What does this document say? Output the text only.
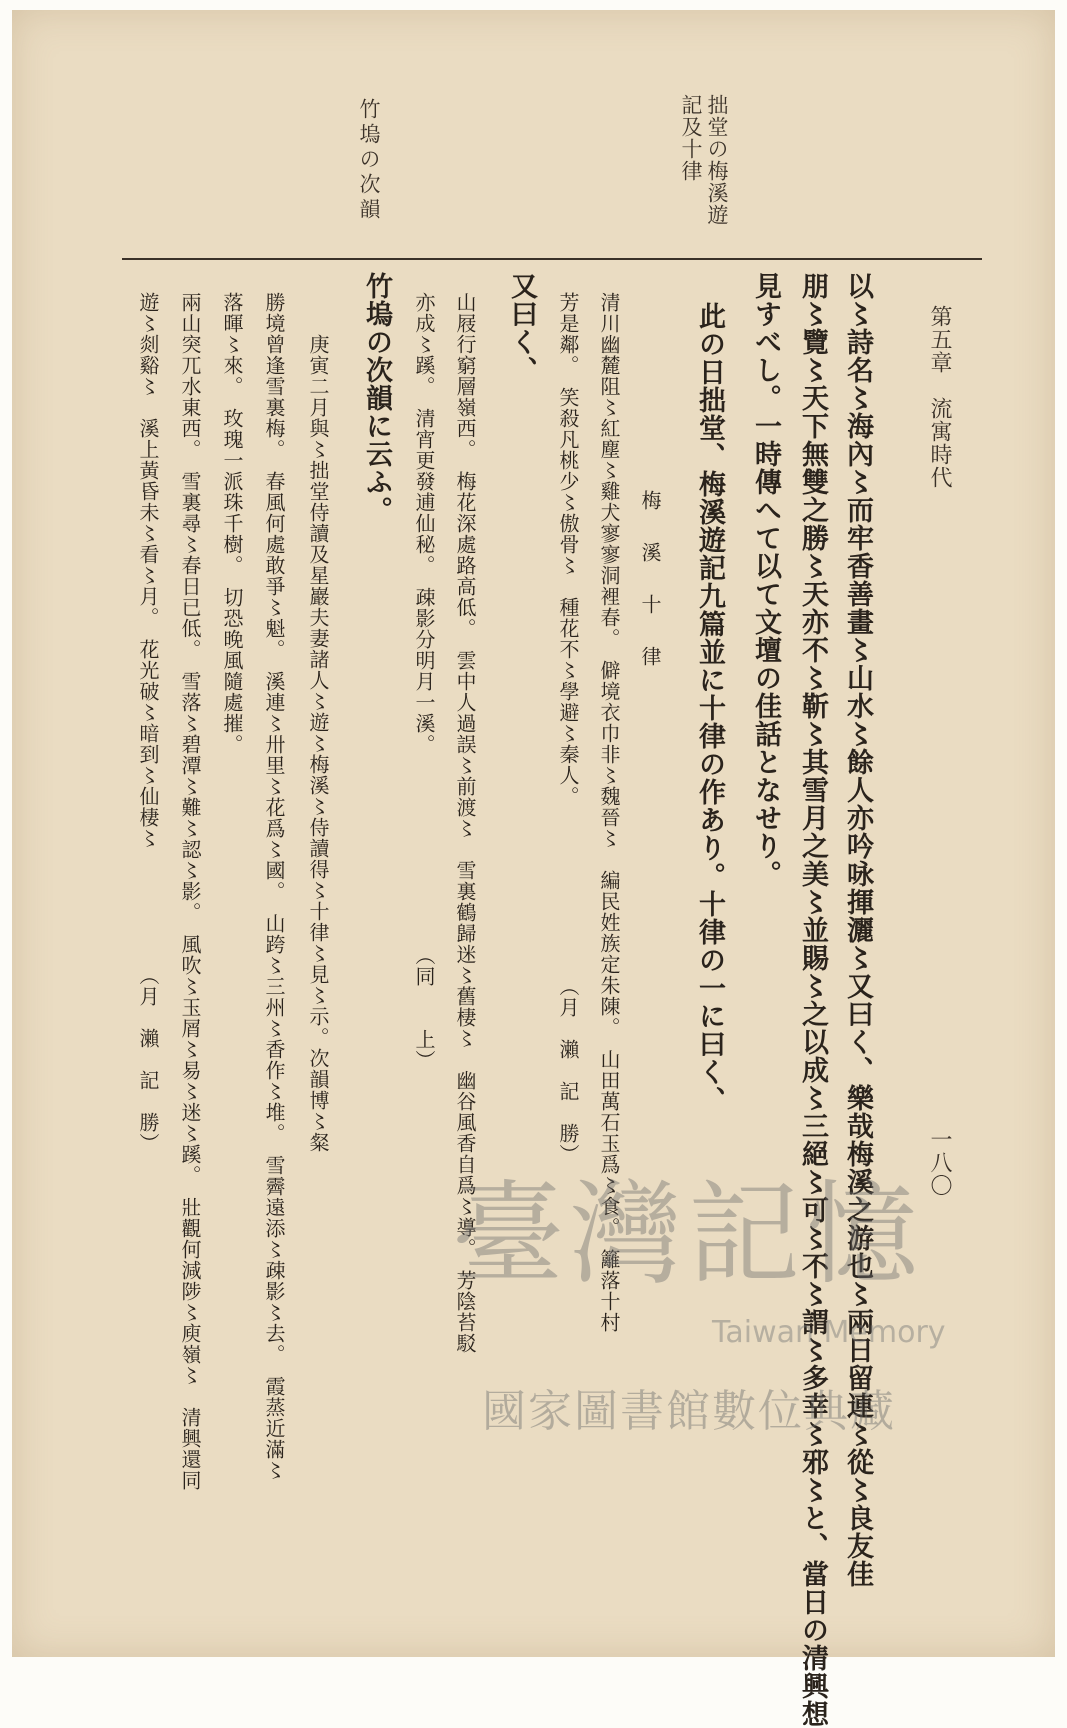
第五章　流寓時代
一八〇
拙堂の梅溪遊
記及十律
竹塢の次韻
以〻詩名〻海內〻而牢香善畫〻山水〻餘人亦吟咏揮灑〻又曰く、樂哉梅溪之游也〻兩日留連〻從〻良友佳
朋〻覽〻天下無雙之勝〻天亦不〻靳〻其雪月之美〻並賜〻之以成〻三絕〻可〻不〻謂〻多幸〻邪〻と、當日の清興想
見すべし。一時傳へて以て文壇の佳話となせり。
此の日拙堂、梅溪遊記九篇並に十律の作あり。十律の一に曰く、
梅　溪　十　律
清川幽麓阻〻紅塵〻雞犬寥寥洞裡春。　僻境衣巾非〻魏晉〻　編民姓族定朱陳。　山田萬石玉爲〻食。　籬落十村
芳是鄰。　笑殺凡桃少〻傲骨〻　種花不〻學避〻秦人。　　　　　　　　　（月　瀨　記　勝）
又曰く、
山屐行窮層嶺西。　梅花深處路高低。　雲中人過誤〻前渡〻　雪裏鶴歸迷〻舊棲〻　幽谷風香自爲〻導。　芳陰苔駁
亦成〻蹊。　清宵更發逋仙秘。　疎影分明月一溪。　　　　　　　　　　（同　　上）
竹塢の次韻に云ふ。
　　庚寅二月與〻拙堂侍讀及星巖夫妻諸人〻遊〻梅溪〻侍讀得〻十律〻見〻示。次韻博〻粲
勝境曾逢雪裏梅。　春風何處敢爭〻魁。　溪連〻卅里〻花爲〻國。　山跨〻三州〻香作〻堆。　雪霽遠添〻疎影〻去。　霞蒸近滿〻
落暉〻來。　玫瑰一派珠千樹。　切恐晚風隨處摧。
兩山突兀水東西。　雪裏尋〻春日已低。　雪落〻碧潭〻難〻認〻影。　風吹〻玉屑〻易〻迷〻蹊。　壯觀何減陟〻庾嶺〻　清興還同
遊〻剡谿〻　溪上黃昏未〻看〻月。　花光破〻暗到〻仙棲〻　　　　　　（月　瀨　記　勝）
臺灣記憶
Taiwan Memory
國家圖書館數位典藏
